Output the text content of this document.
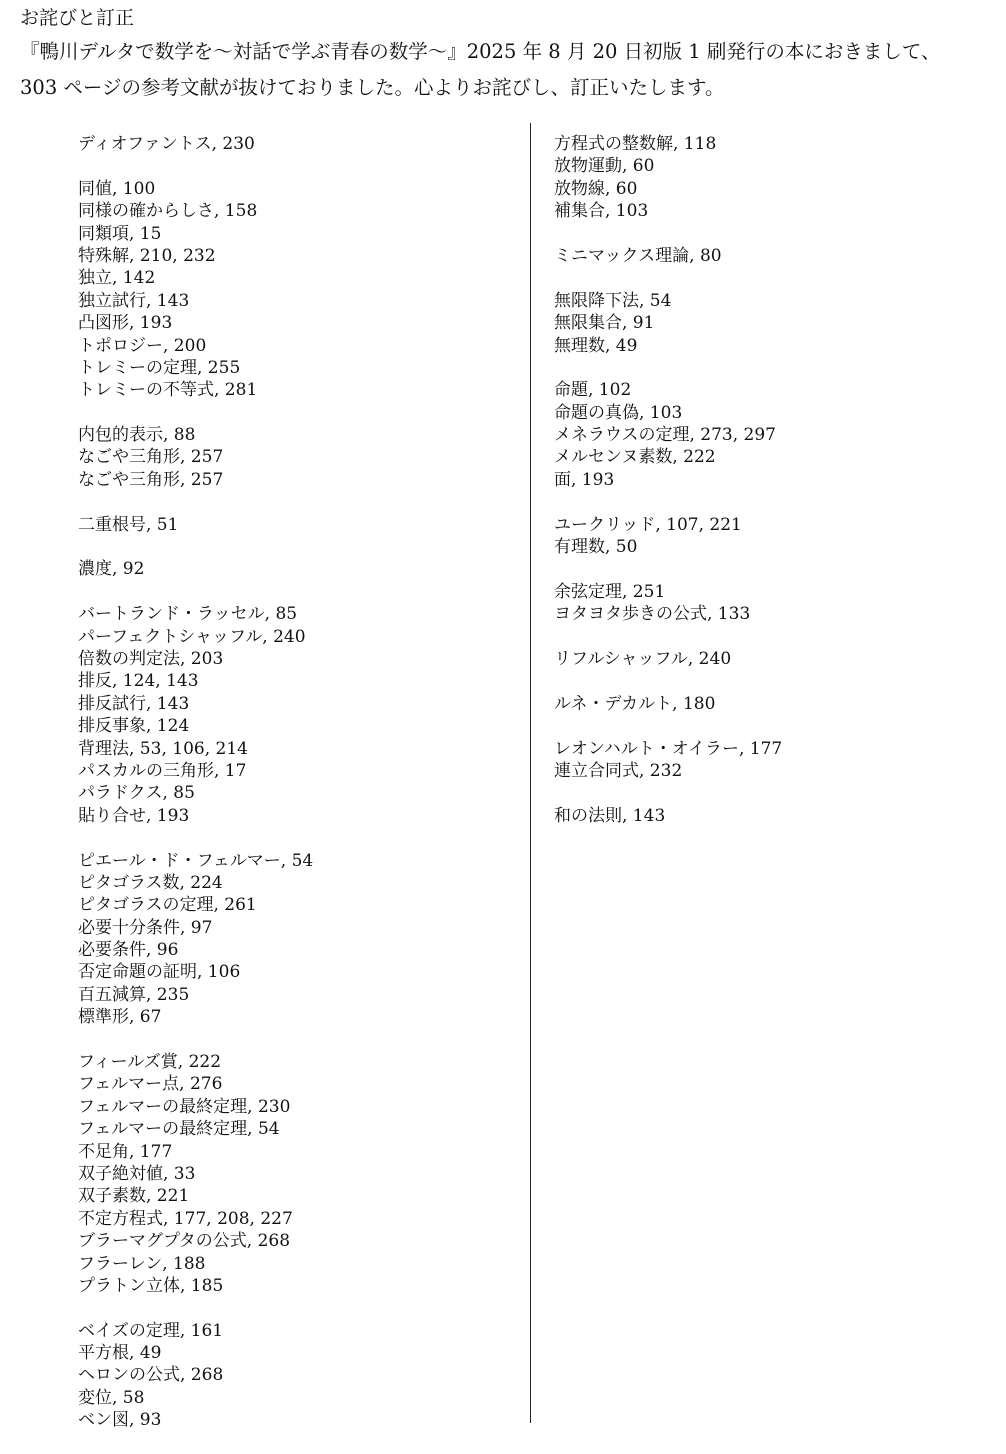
お詫びと訂正
『鴨川デルタで数学を〜対話で学ぶ青春の数学〜』2025 年 8 月 20 日初版 1 刷発行の本におきまして、
303 ページの参考文献が抜けておりました。心よりお詫びし、訂正いたします。
ディオファントス, 230
同値, 100
同様の確からしさ, 158
同類項, 15
特殊解, 210, 232
独立, 142
独立試行, 143
凸図形, 193
トポロジー, 200
トレミーの定理, 255
トレミーの不等式, 281
内包的表示, 88
なごや三角形, 257
なごや三角形, 257
二重根号, 51
濃度, 92
バートランド・ラッセル, 85
パーフェクトシャッフル, 240
倍数の判定法, 203
排反, 124, 143
排反試行, 143
排反事象, 124
背理法, 53, 106, 214
パスカルの三角形, 17
パラドクス, 85
貼り合せ, 193
ピエール・ド・フェルマー, 54
ピタゴラス数, 224
ピタゴラスの定理, 261
必要十分条件, 97
必要条件, 96
否定命題の証明, 106
百五減算, 235
標準形, 67
フィールズ賞, 222
フェルマー点, 276
フェルマーの最終定理, 230
フェルマーの最終定理, 54
不足角, 177
双子絶対値, 33
双子素数, 221
不定方程式, 177, 208, 227
ブラーマグプタの公式, 268
フラーレン, 188
プラトン立体, 185
ベイズの定理, 161
平方根, 49
ヘロンの公式, 268
変位, 58
ベン図, 93
方程式の整数解, 118
放物運動, 60
放物線, 60
補集合, 103
ミニマックス理論, 80
無限降下法, 54
無限集合, 91
無理数, 49
命題, 102
命題の真偽, 103
メネラウスの定理, 273, 297
メルセンヌ素数, 222
面, 193
ユークリッド, 107, 221
有理数, 50
余弦定理, 251
ヨタヨタ歩きの公式, 133
リフルシャッフル, 240
ルネ・デカルト, 180
レオンハルト・オイラー, 177
連立合同式, 232
和の法則, 143
